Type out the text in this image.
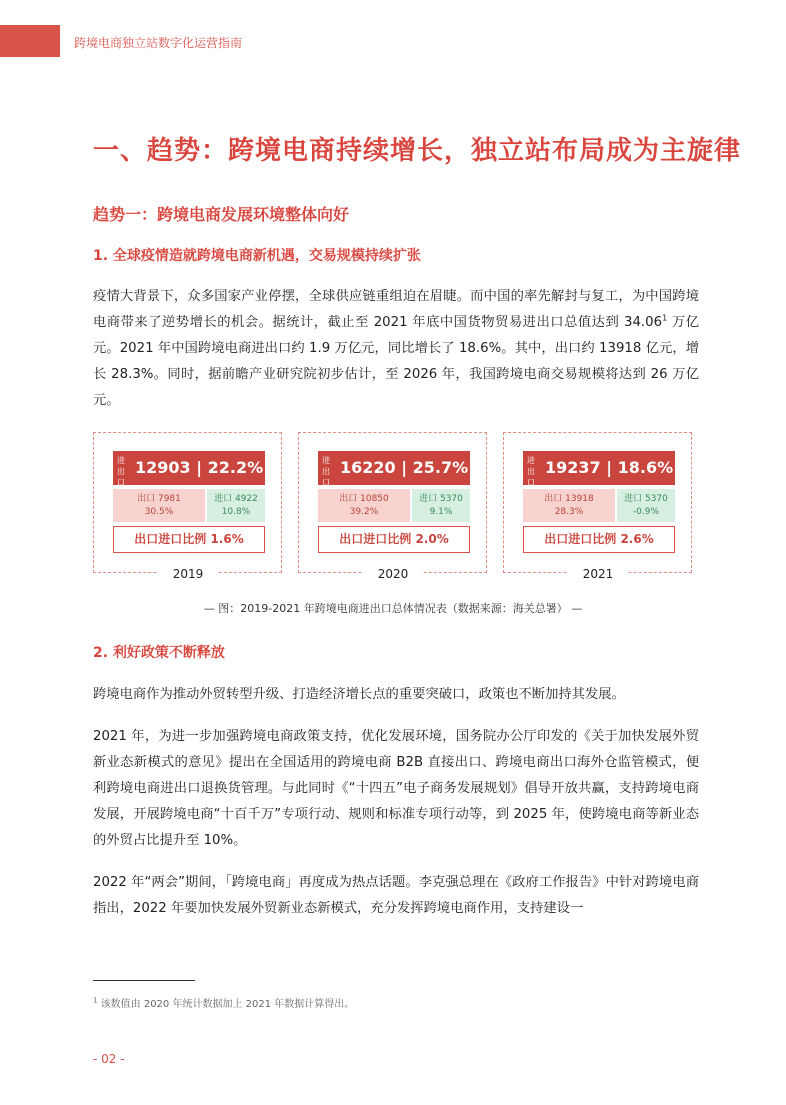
跨境电商独立站数字化运营指南
一、趋势：跨境电商持续增长，独立站布局成为主旋律
趋势一：跨境电商发展环境整体向好
1. 全球疫情造就跨境电商新机遇，交易规模持续扩张
疫情大背景下，众多国家产业停摆，全球供应链重组迫在眉睫。而中国的率先解封与复工，为中国跨境电商带来了逆势增长的机会。据统计，截止至 2021 年底中国货物贸易进出口总值达到 34.06$^1$ 万亿元。2021 年中国跨境电商进出口约 1.9 万亿元，同比增长了 18.6%。其中，出口约 13918 亿元，增长 28.3%。同时，据前瞻产业研究院初步估计，至 2026 年，我国跨境电商交易规模将达到 26 万亿元。
进出口
12903 | 22.2%
出口 7981
30.5%
进口 4922
10.8%
出口进口比例 1.6%
2019
进出口
16220 | 25.7%
出口 10850
39.2%
进口 5370
9.1%
出口进口比例 2.0%
2020
进出口
19237 | 18.6%
出口 13918
28.3%
进口 5370
-0.9%
出口进口比例 2.6%
2021
— 图：2019-2021 年跨境电商进出口总体情况表（数据来源：海关总署） —
2. 利好政策不断释放
跨境电商作为推动外贸转型升级、打造经济增长点的重要突破口，政策也不断加持其发展。
2021 年，为进一步加强跨境电商政策支持，优化发展环境，国务院办公厅印发的《关于加快发展外贸新业态新模式的意见》提出在全国适用的跨境电商 B2B 直接出口、跨境电商出口海外仓监管模式，便利跨境电商进出口退换货管理。与此同时《“十四五”电子商务发展规划》倡导开放共赢，支持跨境电商发展，开展跨境电商“十百千万”专项行动、规则和标准专项行动等，到 2025 年，使跨境电商等新业态的外贸占比提升至 10%。
2022 年“两会”期间，「跨境电商」再度成为热点话题。李克强总理在《政府工作报告》中针对跨境电商指出，2022 年要加快发展外贸新业态新模式，充分发挥跨境电商作用，支持建设一
$^1$ 该数值由 2020 年统计数据加上 2021 年数据计算得出。
- 02 -
